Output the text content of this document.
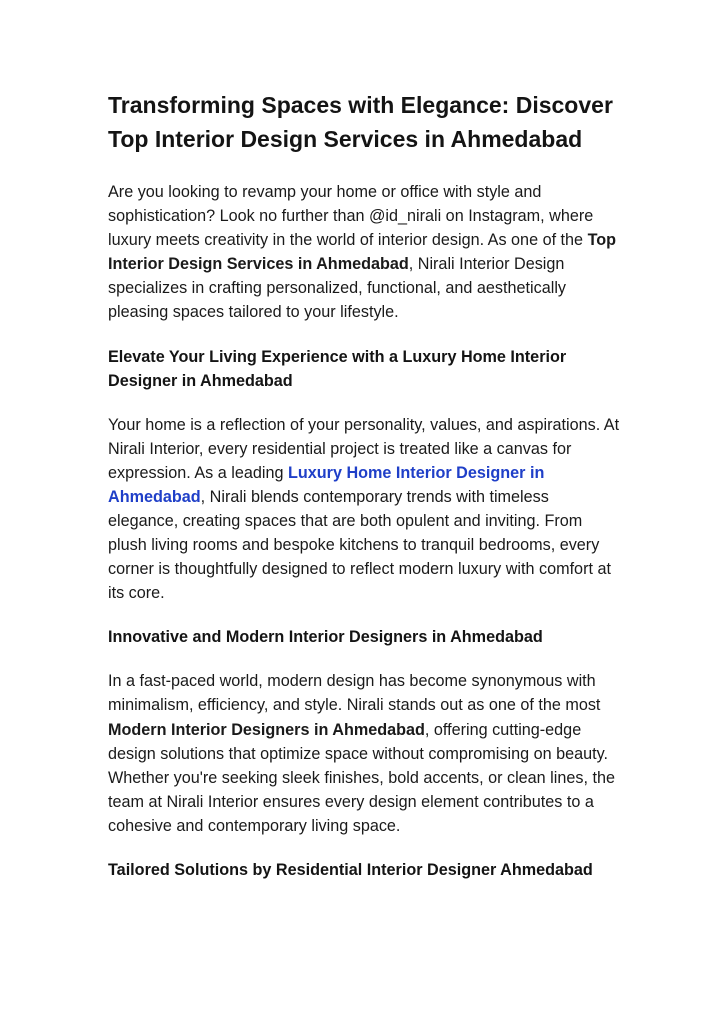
Transforming Spaces with Elegance: Discover Top Interior Design Services in Ahmedabad

Are you looking to revamp your home or office with style and sophistication? Look no further than @id_nirali on Instagram, where luxury meets creativity in the world of interior design. As one of the Top Interior Design Services in Ahmedabad, Nirali Interior Design specializes in crafting personalized, functional, and aesthetically pleasing spaces tailored to your lifestyle.

Elevate Your Living Experience with a Luxury Home Interior Designer in Ahmedabad

Your home is a reflection of your personality, values, and aspirations. At Nirali Interior, every residential project is treated like a canvas for expression. As a leading Luxury Home Interior Designer in Ahmedabad, Nirali blends contemporary trends with timeless elegance, creating spaces that are both opulent and inviting. From plush living rooms and bespoke kitchens to tranquil bedrooms, every corner is thoughtfully designed to reflect modern luxury with comfort at its core.

Innovative and Modern Interior Designers in Ahmedabad

In a fast-paced world, modern design has become synonymous with minimalism, efficiency, and style. Nirali stands out as one of the most Modern Interior Designers in Ahmedabad, offering cutting-edge design solutions that optimize space without compromising on beauty. Whether you're seeking sleek finishes, bold accents, or clean lines, the team at Nirali Interior ensures every design element contributes to a cohesive and contemporary living space.

Tailored Solutions by Residential Interior Designer Ahmedabad
